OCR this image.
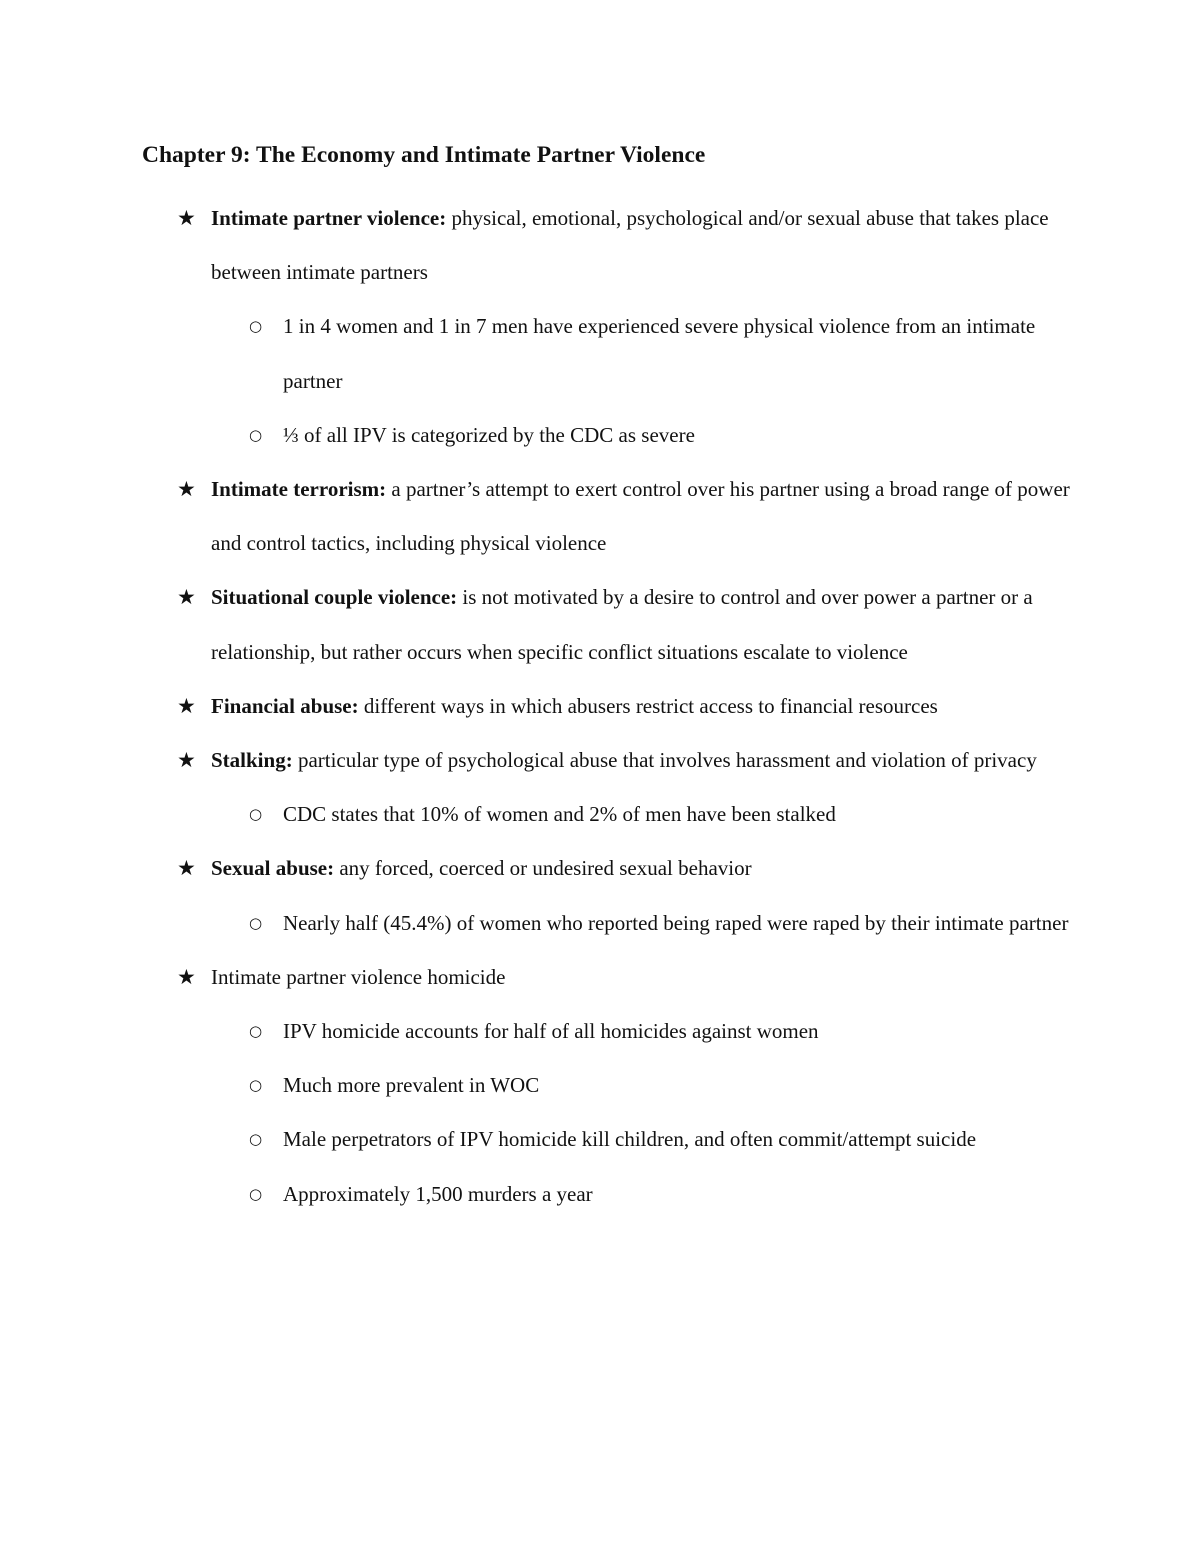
Chapter 9: The Economy and Intimate Partner Violence
★ Intimate partner violence: physical, emotional, psychological and/or sexual abuse that takes place between intimate partners
○ 1 in 4 women and 1 in 7 men have experienced severe physical violence from an intimate partner
○ ⅓ of all IPV is categorized by the CDC as severe
★ Intimate terrorism: a partner’s attempt to exert control over his partner using a broad range of power and control tactics, including physical violence
★ Situational couple violence: is not motivated by a desire to control and over power a partner or a relationship, but rather occurs when specific conflict situations escalate to violence
★ Financial abuse: different ways in which abusers restrict access to financial resources
★ Stalking: particular type of psychological abuse that involves harassment and violation of privacy
○ CDC states that 10% of women and 2% of men have been stalked
★ Sexual abuse: any forced, coerced or undesired sexual behavior
○ Nearly half (45.4%) of women who reported being raped were raped by their intimate partner
★ Intimate partner violence homicide
○ IPV homicide accounts for half of all homicides against women
○ Much more prevalent in WOC
○ Male perpetrators of IPV homicide kill children, and often commit/attempt suicide
○ Approximately 1,500 murders a year
